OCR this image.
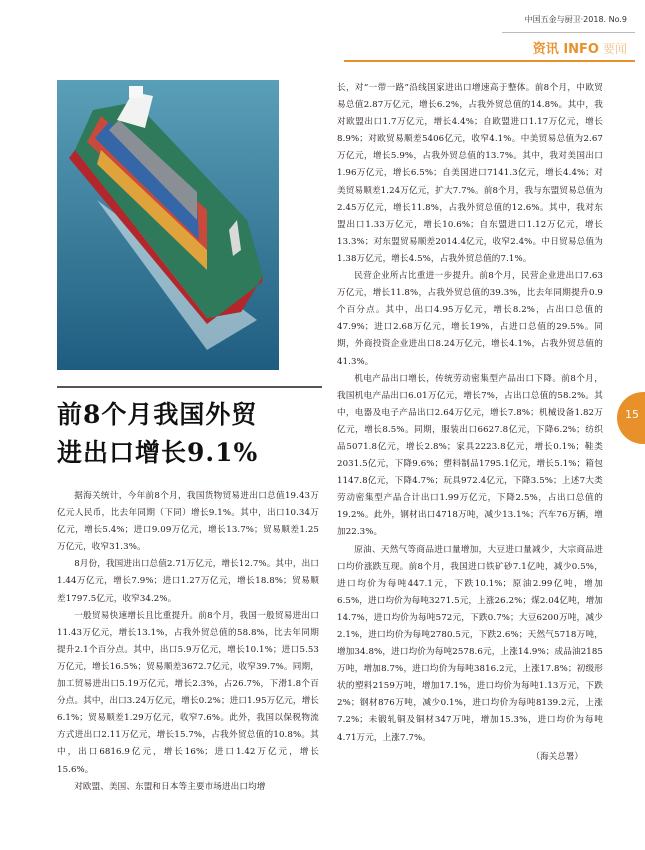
中国五金与厨卫·2018. No.9
资讯 INFO 要闻
前8个月我国外贸
进出口增长9.1%

据海关统计，今年前8个月，我国货物贸易进出口总值19.43万亿元人民币，比去年同期（下同）增长9.1%。其中，出口10.34万亿元，增长5.4%；进口9.09万亿元，增长13.7%；贸易顺差1.25万亿元，收窄31.3%。

8月份，我国进出口总值2.71万亿元，增长12.7%。其中，出口1.44万亿元，增长7.9%；进口1.27万亿元，增长18.8%；贸易顺差1797.5亿元，收窄34.2%。

一般贸易快速增长且比重提升。前8个月，我国一般贸易进出口11.43万亿元，增长13.1%，占我外贸总值的58.8%，比去年同期提升2.1个百分点。其中，出口5.9万亿元，增长10.1%；进口5.53万亿元，增长16.5%；贸易顺差3672.7亿元，收窄39.7%。同期，加工贸易进出口5.19万亿元，增长2.3%，占26.7%，下滑1.8个百分点。其中，出口3.24万亿元，增长0.2%；进口1.95万亿元，增长6.1%；贸易顺差1.29万亿元，收窄7.6%。此外，我国以保税物流方式进出口2.11万亿元，增长15.7%，占我外贸总值的10.8%。其中，出口6816.9亿元，增长16%；进口1.42万亿元，增长15.6%。

对欧盟、美国、东盟和日本等主要市场进出口均增

长，对“一带一路”沿线国家进出口增速高于整体。前8个月，中欧贸易总值2.87万亿元，增长6.2%，占我外贸总值的14.8%。其中，我对欧盟出口1.7万亿元，增长4.4%；自欧盟进口1.17万亿元，增长8.9%；对欧贸易顺差5406亿元，收窄4.1%。中美贸易总值为2.67万亿元，增长5.9%，占我外贸总值的13.7%。其中，我对美国出口1.96万亿元，增长6.5%；自美国进口7141.3亿元，增长4.4%；对美贸易顺差1.24万亿元，扩大7.7%。前8个月，我与东盟贸易总值为2.45万亿元，增长11.8%，占我外贸总值的12.6%。其中，我对东盟出口1.33万亿元，增长10.6%；自东盟进口1.12万亿元，增长13.3%；对东盟贸易顺差2014.4亿元，收窄2.4%。中日贸易总值为1.38万亿元，增长4.5%，占我外贸总值的7.1%。

民营企业所占比重进一步提升。前8个月，民营企业进出口7.63万亿元，增长11.8%，占我外贸总值的39.3%，比去年同期提升0.9个百分点。其中，出口4.95万亿元，增长8.2%，占出口总值的47.9%；进口2.68万亿元，增长19%，占进口总值的29.5%。同期，外商投资企业进出口8.24万亿元，增长4.1%，占我外贸总值的41.3%。

机电产品出口增长，传统劳动密集型产品出口下降。前8个月，我国机电产品出口6.01万亿元，增长7%，占出口总值的58.2%。其中，电器及电子产品出口2.64万亿元，增长7.8%；机械设备1.82万亿元，增长8.5%。同期，服装出口6627.8亿元，下降6.2%；纺织品5071.8亿元，增长2.8%；家具2223.8亿元，增长0.1%；鞋类2031.5亿元，下降9.6%；塑料制品1795.1亿元，增长5.1%；箱包1147.8亿元，下降4.7%；玩具972.4亿元，下降3.5%；上述7大类劳动密集型产品合计出口1.99万亿元，下降2.5%，占出口总值的19.2%。此外，钢材出口4718万吨，减少13.1%；汽车76万辆，增加22.3%。

原油、天然气等商品进口量增加，大豆进口量减少，大宗商品进口均价涨跌互现。前8个月，我国进口铁矿砂7.1亿吨，减少0.5%，进口均价为每吨447.1元，下跌10.1%；原油2.99亿吨，增加6.5%，进口均价为每吨3271.5元，上涨26.2%；煤2.04亿吨，增加14.7%，进口均价为每吨572元，下跌0.7%；大豆6200万吨，减少2.1%，进口均价为每吨2780.5元，下跌2.6%；天然气5718万吨，增加34.8%，进口均价为每吨2578.6元，上涨14.9%；成品油2185万吨，增加8.7%，进口均价为每吨3816.2元，上涨17.8%；初级形状的塑料2159万吨，增加17.1%，进口均价为每吨1.13万元，下跌2%；钢材876万吨，减少0.1%，进口均价为每吨8139.2元，上涨7.2%；未锻轧铜及铜材347万吨，增加15.3%，进口均价为每吨4.71万元，上涨7.7%。

（海关总署）
15
